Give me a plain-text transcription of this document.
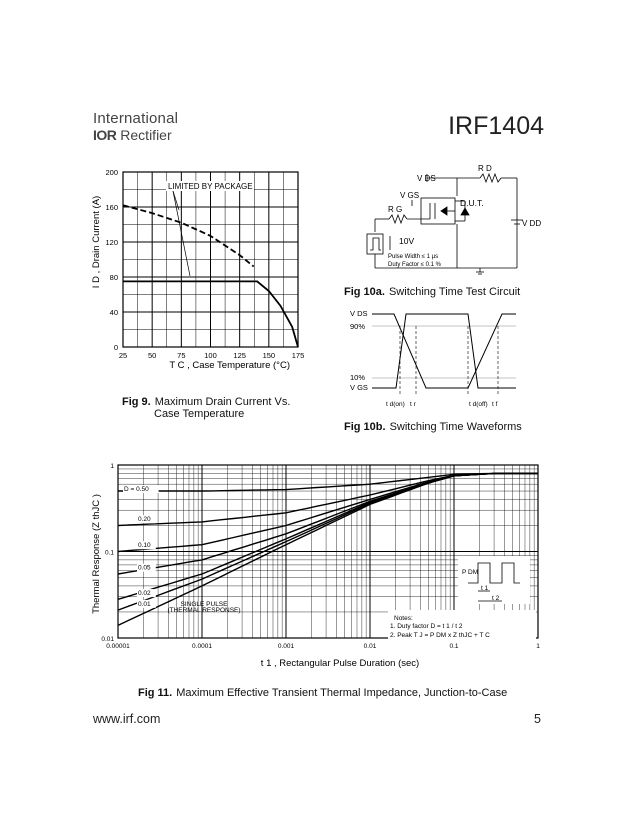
International
IOR Rectifier	IRF1404
25	50	75 100 125 150 175
0
40
80
120
160
200
LIMITED BY PACKAGE
T C , Case Temperature (°C)
I D , Drain Current (A)
Fig 9. Maximum Drain Current Vs.
Case Temperature
V DS
R D
V GS
R G
D.U.T.
V DD
10V
Pulse Width ≤ 1 µs
Duty Factor ≤ 0.1 %
Fig 10a. Switching Time Test Circuit
V DS
90%
10%
V GS
t d(on) t r	t d(off) t f
Fig 10b. Switching Time Waveforms
0.00001	0.0001	0.001	0.01	0.1	1
0.01
0.1
1
D = 0.50
0.20
0.10
0.05
0.02
0.01	SINGLE PULSE
(THERMAL RESPONSE)
Notes:
1. Duty factor D = t 1 / t 2
2. Peak T J = P DM x Z thJC + T C
P DM
t 1
t 2
t 1 , Rectangular Pulse Duration (sec)
Thermal Response (Z thJC )
Fig 11. Maximum Effective Transient Thermal Impedance, Junction-to-Case
www.irf.com	5
